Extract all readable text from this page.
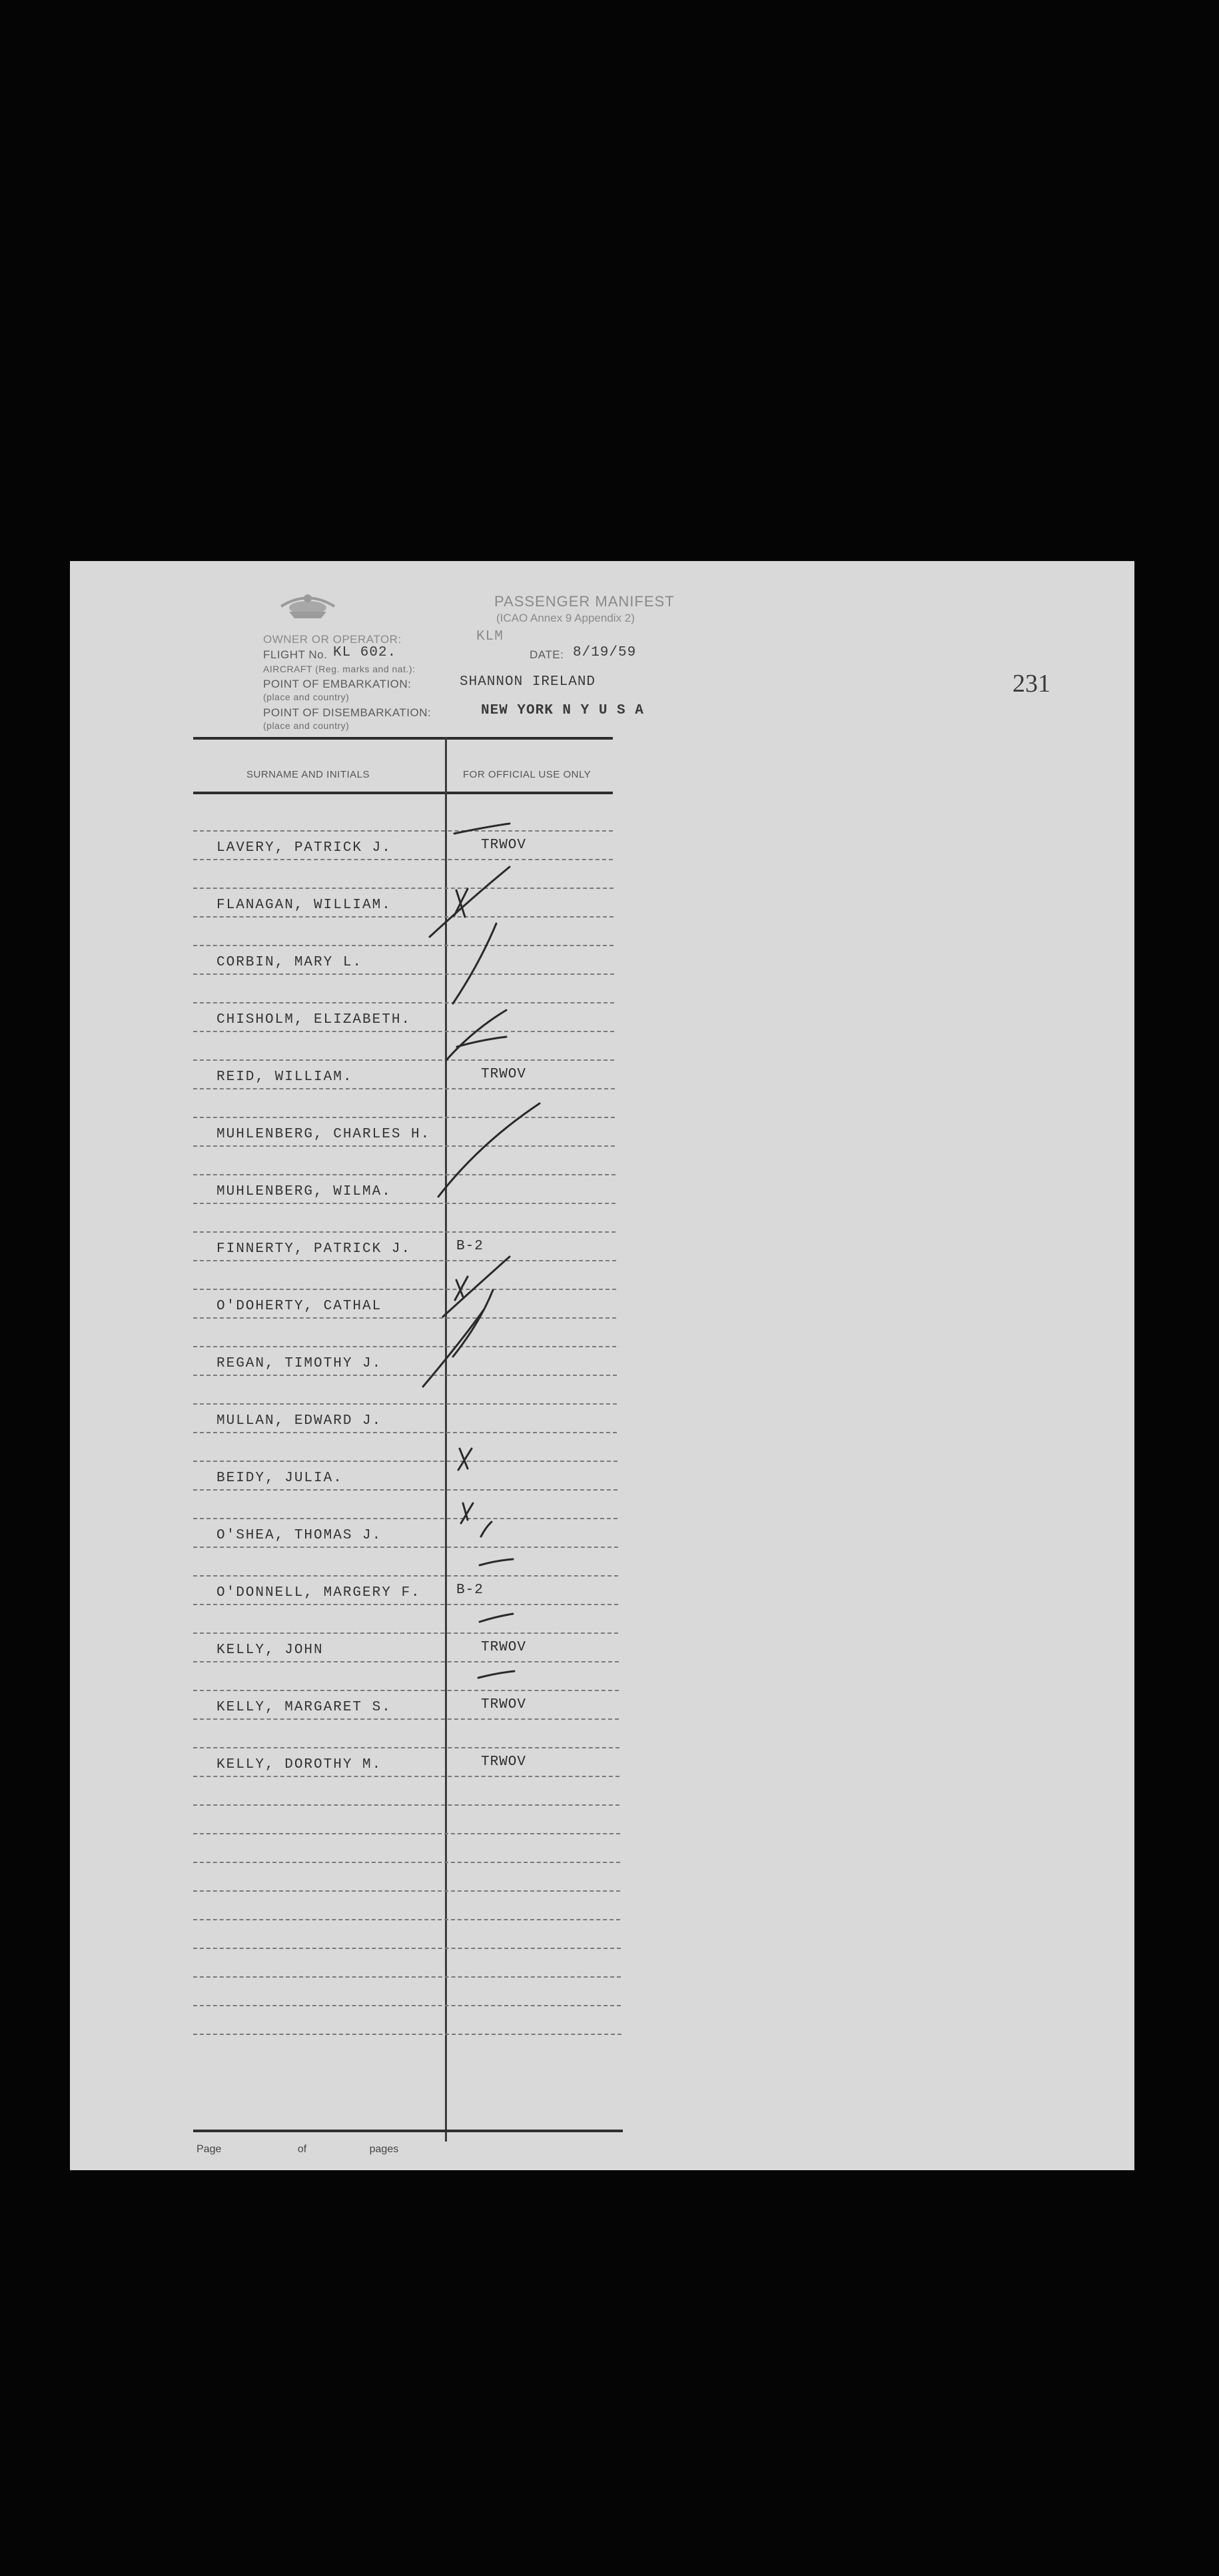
PASSENGER MANIFEST
(ICAO Annex 9 Appendix 2)
OWNER OR OPERATOR:	KLM
FLIGHT No. KL 602.	DATE: 8/19/59
AIRCRAFT (Reg. marks and nat.):
POINT OF EMBARKATION:	SHANNON IRELAND
(place and country)
POINT OF DISEMBARKATION:	NEW YORK N Y U S A
(place and country)
231
SURNAME AND INITIALS	FOR OFFICIAL USE ONLY
LAVERY, PATRICK J.	TRWOV
FLANAGAN, WILLIAM.
CORBIN, MARY L.
CHISHOLM, ELIZABETH.
REID, WILLIAM.	TRWOV
MUHLENBERG, CHARLES H.
MUHLENBERG, WILMA.
FINNERTY, PATRICK J.	B-2
O'DOHERTY, CATHAL
REGAN, TIMOTHY J.
MULLAN, EDWARD J.
BEIDY, JULIA.
O'SHEA, THOMAS J.
O'DONNELL, MARGERY F.	B-2
KELLY, JOHN	TRWOV
KELLY, MARGARET S.	TRWOV
KELLY, DOROTHY M.	TRWOV
Page	of	pages
